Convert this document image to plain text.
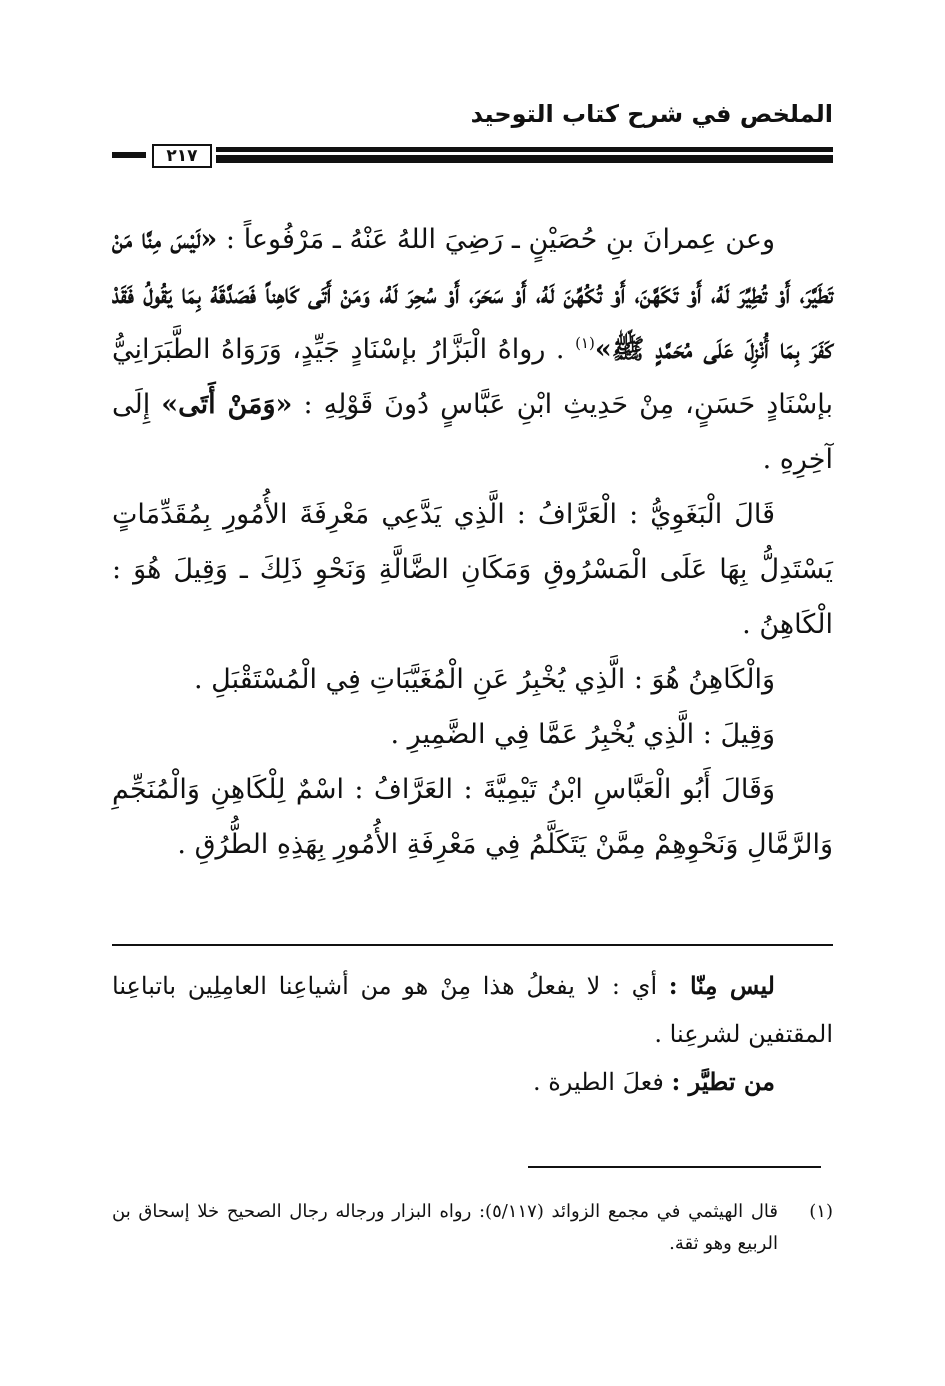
الملخص في شرح كتاب التوحيد
٢١٧

وعن عِمرانَ بنِ حُصَيْنٍ ـ رَضِيَ اللهُ عَنْهُ ـ مَرْفُوعاً : «لَيْسَ مِنَّا مَنْ تَطَيَّرَ، أَوْ تُطِيِّرَ لَهُ، أَوْ تَكَهَّنَ، أَوْ تُكُهِّنَ لَهُ، أَوْ سَحَرَ، أَوْ سُحِرَ لَهُ، وَمَنْ أَتَى كَاهِناً فَصَدَّقَهُ بِمَا يَقُولُ فَقَدْ كَفَرَ بِمَا أُنْزِلَ عَلَى مُحَمَّدٍ ﷺ»$^{(١)}$ . رواهُ الْبَزَّارُ بإسْنَادٍ جَيِّدٍ، وَرَوَاهُ الطَّبَرَانِيُّ بإسْنَادٍ حَسَنٍ، مِنْ حَدِيثِ ابْنِ عَبَّاسٍ دُونَ قَوْلِهِ : «وَمَنْ أَتَى» إِلَى آخِرِهِ .

قَالَ الْبَغَوِيُّ : الْعَرَّافُ : الَّذِي يَدَّعِي مَعْرِفَةَ الأُمُورِ بِمُقَدِّمَاتٍ يَسْتَدِلُّ بِهَا عَلَى الْمَسْرُوقِ وَمَكَانِ الضَّالَّةِ وَنَحْوِ ذَلِكَ ـ وَقِيلَ هُوَ : الْكَاهِنُ .

وَالْكَاهِنُ هُوَ : الَّذِي يُخْبِرُ عَنِ الْمُغَيَّبَاتِ فِي الْمُسْتَقْبَلِ .

وَقِيلَ : الَّذِي يُخْبِرُ عَمَّا فِي الضَّمِيرِ .

وَقَالَ أَبُو الْعَبَّاسِ ابْنُ تَيْمِيَّةَ : العَرَّافُ : اسْمٌ لِلْكَاهِنِ وَالْمُنَجِّمِ وَالرَّمَّالِ وَنَحْوِهِمْ مِمَّنْ يَتَكَلَّمُ فِي مَعْرِفَةِ الأُمُورِ بِهَذِهِ الطُّرُقِ .

ليس مِنّا : أي : لا يفعلُ هذا مِنْ هو من أشياعِنا العامِلِين باتباعِنا المقتفين لشرعِنا .

من تطيَّر : فعلَ الطيرة .

(١)
قال الهيثمي في مجمع الزوائد (٥/١١٧): رواه البزار ورجاله رجال الصحيح خلا إسحاق بن الربيع وهو ثقة.
